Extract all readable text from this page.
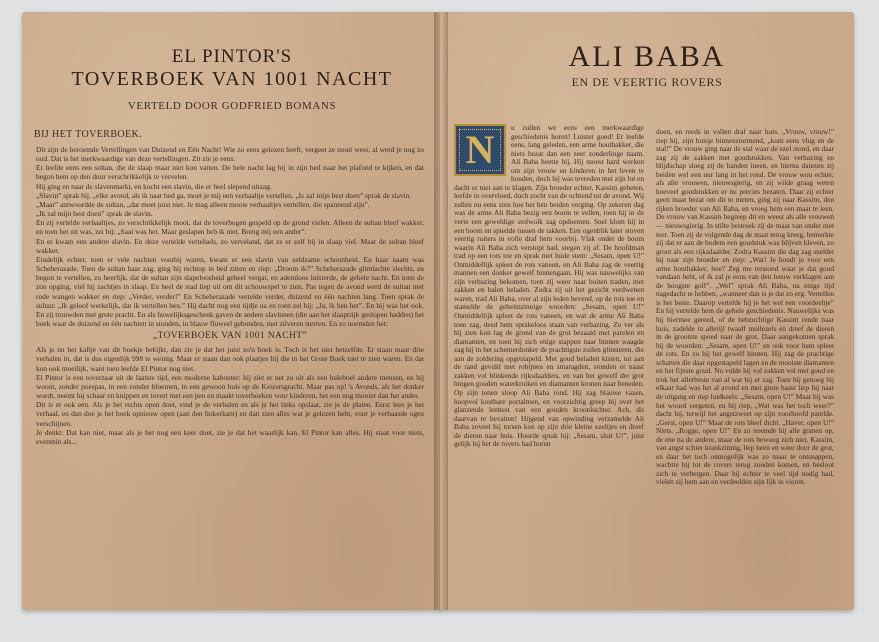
EL PINTOR'S
TOVERBOEK VAN 1001 NACHT
VERTELD DOOR GODFRIED BOMANS
BIJ HET TOVERBOEK.

Dit zijn de beroemde Vertellingen van Duizend en Eén Nacht! Wie zo eens gelezen heeft, vergeet ze nooit weer, al werd je nog zo oud. Dat is het merkwaardige van deze vertellingen. Zit zie je eens:

Er leefde eens een sultan, die de slaap maar niet kon vatten. De hele nacht lag hij in zijn bed naar het plafond te kijken, en dat begon hem op den duur verschrikkelijk te vervelen.

Hij ging en naar de slavenmarkt, en kocht een slavin, die er heel slepend uitzag.

„Slavin” sprak hij, „elke avond, als ik naar bed ga, moet je mij een verhaaltje vertellen. „Is zal mijn best doen” sprak de slavin.

„Maar” antwoordde de sultan, „dat moet juist niet. Je mag alleen mooie verhaaltjes vertellen, die spannend zijn”.

„Ik zal mijn best doen” sprak de slavin.

En zij vertelde verhaaltjes, zo verschrikkelijk mooi, dat de toverbogen gespeld op de grond vielen. Alleen de sultan bleef wakker, en toen het uit was, zei hij: „Saai was het. Maar geslapen heb ik niet. Breng mij een ander”.

En er kwam een andere slavin. En deze vertelde vertelsels, zo verveland, dat ze er zelf bij in slaap viel. Maar de sultan bleef wakker.

Eindelijk echter, toen er vele nachten voorbij waren, kwam er een slavin van zeldzame schoonheid. En haar naam was Scheherazade. Toen de sultan haar zag, ging hij rechtop in bed zitten en riep: „Droom ik?” Scheherazade glimlachte slechts, en begon te vertellen, zo heerlijk, dat de sultan zijn slapeloosheid geheel vergat, en ademloos luisterde, de gehele nacht. En toen de zon opging, viel hij zachtjes in slaap. En heel de stad liep uit om dit schouwspel te zien. Pas tegen de avond werd de sultan met rode wangen wakker en riep: „Verder, verder!” En Scheherazade vertelde verder, duizend en één nachten lang. Toen sprak de sultan: „Ik geloof werkelijk, dat ik vertellen ben.” Hij dacht nog een tijdje na en toen zei hij: „Ja, ik ben het”. En hij was het ook. En zij trouwden met grote pracht. En als huwelijksgeschenk gaven de andere slavinnen (die aan het slaaptrijk geslopen hadden) het boek waar de duizend en één nachten in stonden, in blauw fluweel gebonden, met zilveren sterren. En zo noemden het:

„TOVERBOEK VAN 1001 NACHT”

Als je nu het kaftje van dit boekje bekijkt, dan zie je dat het juist zo'n boek is. Toch is het niet hetzelfde. Er staan maar drie verhalen in, dat is dus eigenlijk 998 te weinig. Maar er staan dan ook plaatjes bij die in het Grote Boek niet te zien waren. En dat kon ook moeilijk, want toen leefde El Pintor nog niet.

El Pintor is een toverzaar uit de laatste tijd, een moderne kabouter: hij ziet er net zo uit als een heleboel andere mensen, en hij woont, zonder poespas, in een zonder bloemen, in een gewoon huis op de Keizersgracht. Maar pas op! 's Avonds, als het donker wordt, neemt hij schaar en knippen en tovert met een pen en maakt toverboeken voor kinderen, het een nog mooier dan het ander.

Dit is er ook een. Als je het rechts open doet, vind je de verhalen en als je het links opslaat, zie je de platen. Eerst lees je het verhaal, en dan doe je het boek opnieuw open (aan den linkerkant) en dan zien alles wat je gelezen hebt, voor je verbaasde ogen verschijnen.

Je denkt: Dat kan niet, maar als je het nog een keer doet, zie je dat het waarlijk kan. El Pintor kan alles. Hij staat voor niets, evenmin als...

ALI BABA
EN DE VEERTIG ROVERS
N u zullen we eens een merkwaardige geschiedenis horen! Luister goed! Er leefde eens, lang geleden, een arme houthakker, die niets bezat dan een zeer zonderlinge naam. Ali Baba heette hij. Hij moest hard werken om zijn vrouw en kinderen in het leven te houden, doch hij was tevreden met zijn lot en dacht er niet aan te klagen. Zijn broeder echter, Kassim geheten, leefde in overvloed, doch zocht van de ochtend tot de avond. Wij zullen nu eens zien hoe het hen beiden verging. Op zekeren dag was de arme Ali Baba bezig een boom te vellen, toen hij in de verte een geweldige stofwolk zag opdoemen. Snel klom hij in een boom en spiedde tussen de takken. Een ogenblik later stoven veertig ruiters in volle draf hem voorbij. Vlak onder de boom waarin Ali Baba zich verstopt had, stegen zij af. De hoofdman trad op een rots toe en sprak met luide stem: „Sesam, open U!” Onmiddellijk spleet de rots vaneen, en Ali Baba zag de veertig mannen een donker gewelf binnengaan. Hij was nauwelijks van zijn verbazing bekomen, toen zij weer naar buiten traden, met zakken en balen beladen. Zodra zij uit het gezicht verdwenen waren, trad Ali Baba, over al zijn leden bevend, op de rots toe en stamelde de geheimzinnige woorden: „Sesam, open U!” Onmiddellijk spleet de rots vaneen, en wat de arme Ali Baba toen zag, deed hem sprakeloos staan van verbazing. Zo ver als hij zien kon lag de grond van de grot bezaaid met parelen en diamanten, en toen hij zich enige stappen naar binnen waagde zag hij in het schemerdonker de prachtigste zuilen glinsteren, die aan de zoldering opgestapeld. Met goud beladen kisten, tot aan de rand gevuld met robijnen en smaragden, stonden er naast zakken vol blinkende rijksdaalders, en van het gewelf der grot hingen gouden waterkruiken en diamanten kronen naar beneden. Op zijn tenen sloop Ali Baba rond. Hij zag blauwe vazen, hoopvol kostbare portalmen, en voorzichtig greep hij over het glanzende lennest van een gouden kroonluchter. Ach, dit daarvan te bevatten! Hijgend van opwinding verzamelde Ali Baba zoveel hij torsen kon op zijn drie kleine ezeltjes en dreef de dieren naar huis. Hoorde sprak hij: „Sesam, sluit U!”, juist gelijk hij het de rovers had horen
doen, en reeds in vollen draf naar huis. „Vrouw, vrouw!” riep hij, zijn huisje binnenstormend, „kom eens vlug en de stal!” De vrouw ging naar de stal waar de ezel stond, en daar zag zij de zakken met goudstukken. Van verbazing en blijdschap sloeg zij de handen ineen, en hierna dansten zij beiden wel een uur lang in het rond. De vrouw wou echter, als alle vrouwen, nieuwsgierig, en zij wilde graag weten hoeveel goudstukken er nu precies bezaten. Daar zij echter geen maat bezat om dit te meten, ging zij naar Kassim, den rijken broeder van Ali Baba, en vroeg hem een maat te leen. De vrouw van Kassim begreep dit en weest als alle vrouwen — nieuwsgierig. In stilte bestreek zij de maat van onder met teer. Toen zij de volgende dag de maat terug kreeg, bemerkte zij dat er aan de bodem een goudstuk was blijven kleven, zo groot als een rijksdaalder. Zodra Kassim die dag zag sneldet hij naar zijn broeder en riep: „Wat! Je houdt je voor een arme houthakker, hoe? Zeg me terstond waar je dat goud vandaan hebt, of ik zal je eens van den leeuw verklagen aan de hoogste golf”. „Wel” sprak Ali Baba, na enige tijd nagedacht te hebben, „wanneer dan is je dat zo erg. Vertellen is het beste. Daarop vertelde hij je het wel een voordeeltje” En hij vertelde hem de gehele geschiedenis. Nauwelijks was hij hiermee gereed, of de hebzuchtige Kassim rende naar huis, zadelde in allerijl twaalf muilezels en dreef de dieren in de grootste spoed naar de grot. Daar aangekomen sprak hij de woorden: „Sesam, open U!” en ook voor hem spleet de rots. En zo hij het gewelf binnen. Hij zag de prachtige schatten die daar opgestapeld lagen en de mooiste diamanten en het fijnste goud. Nu vulde hij vol zakken vol met goud en trok het allerbeste van al wat hij er zag. Toen hij genoeg bij elkaar had was het al avond en met grote haast liep hij naar de uitgang en riep luidkeels: „Sesam, open U!” Maar hij was het woord vergeten, en hij riep, „Wat was het toch weer?” dacht hij, terwijl het angstzweet op zijn voorhoofd parelde. „Gerst, open U!” Maar de rots bleef dicht. „Haver, open U!” Niets. „Rogge, open U!” En zo noemde hij alle granen op, de ene na de andere, maar de rots bewoog zich niet. Kassim, van angst schier krankzinnig, liep heen en weer door de grot, en daar het toch onmogelijk was zo maar te ontsnappen, wachtte hij tot de rovers terug zouden komen, en besloot zich te verbergen. Daar hij echter te veel tijd nodig had, vielen zij hem aan en verdeelden zijn lijk in vieren.
